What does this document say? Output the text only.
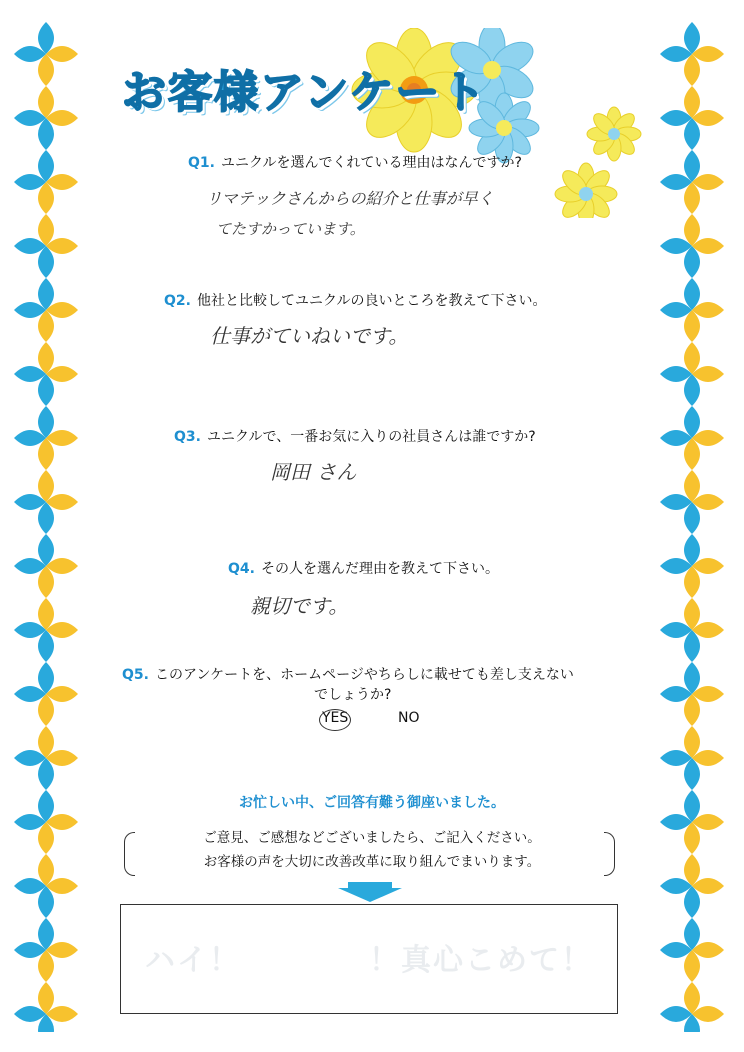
お客様アンケート
Q1. ユニクルを選んでくれている理由はなんですか?
リマテックさんからの紹介と仕事が早く
てたすかっています。
Q2. 他社と比較してユニクルの良いところを教えて下さい。
仕事がていねいです。
Q3. ユニクルで、一番お気に入りの社員さんは誰ですか?
岡田 さん
Q4. その人を選んだ理由を教えて下さい。
親切です。
Q5. このアンケートを、ホームページやちらしに載せても差し支えない
でしょうか?
YES	NO
お忙しい中、ご回答有難う御座いました。
ご意見、ご感想などございましたら、ご記入ください。
お客様の声を大切に改善改革に取り組んでまいります。
ハイ！　　　　！真心こめて！
